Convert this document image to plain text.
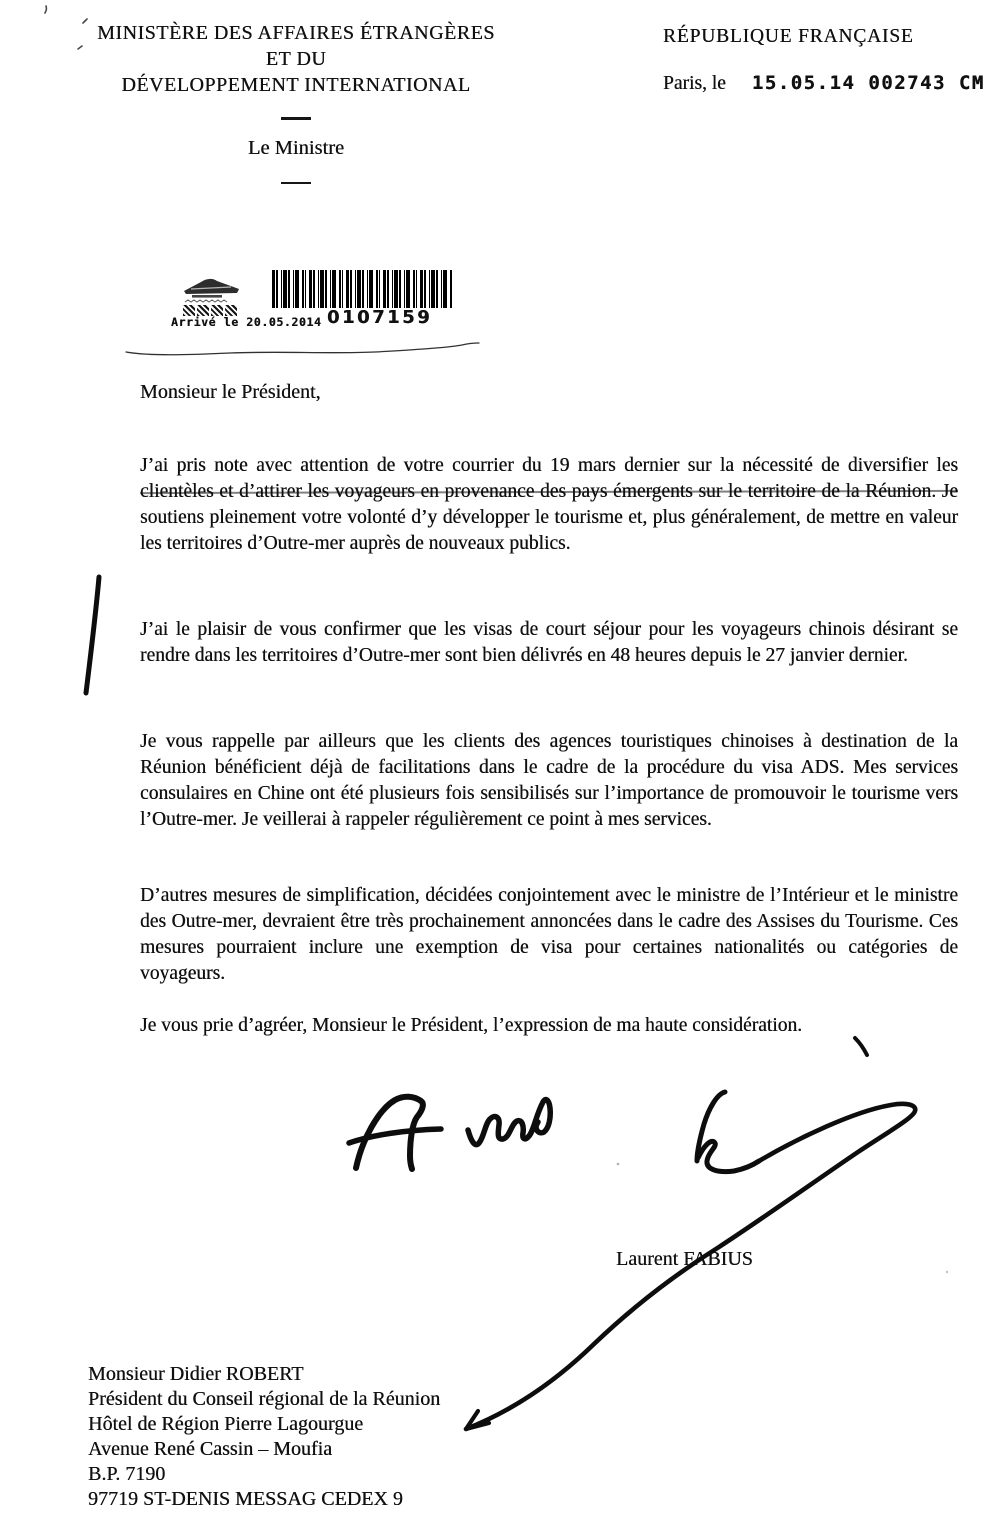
MINISTÈRE DES AFFAIRES ÉTRANGÈRES
ET DU
DÉVELOPPEMENT INTERNATIONAL
Le Ministre
RÉPUBLIQUE FRANÇAISE
Paris, le 15.05.14 002743 CM
Arrivé le 20.05.2014 0107159

Monsieur le Président,

J’ai pris note avec attention de votre courrier du 19 mars dernier sur la nécessité de diversifier les clientèles et d’attirer les voyageurs en provenance des pays émergents sur le territoire de la Réunion. Je soutiens pleinement votre volonté d’y développer le tourisme et, plus généralement, de mettre en valeur les territoires d’Outre-mer auprès de nouveaux publics.

J’ai le plaisir de vous confirmer que les visas de court séjour pour les voyageurs chinois désirant se rendre dans les territoires d’Outre-mer sont bien délivrés en 48 heures depuis le 27 janvier dernier.

Je vous rappelle par ailleurs que les clients des agences touristiques chinoises à destination de la Réunion bénéficient déjà de facilitations dans le cadre de la procédure du visa ADS. Mes services consulaires en Chine ont été plusieurs fois sensibilisés sur l’importance de promouvoir le tourisme vers l’Outre-mer. Je veillerai à rappeler régulièrement ce point à mes services.

D’autres mesures de simplification, décidées conjointement avec le ministre de l’Intérieur et le ministre des Outre-mer, devraient être très prochainement annoncées dans le cadre des Assises du Tourisme. Ces mesures pourraient inclure une exemption de visa pour certaines nationalités ou catégories de voyageurs.

Je vous prie d’agréer, Monsieur le Président, l’expression de ma haute considération.

Laurent FABIUS
Monsieur Didier ROBERT
Président du Conseil régional de la Réunion
Hôtel de Région Pierre Lagourgue
Avenue René Cassin – Moufia
B.P. 7190
97719 ST-DENIS MESSAG CEDEX 9
